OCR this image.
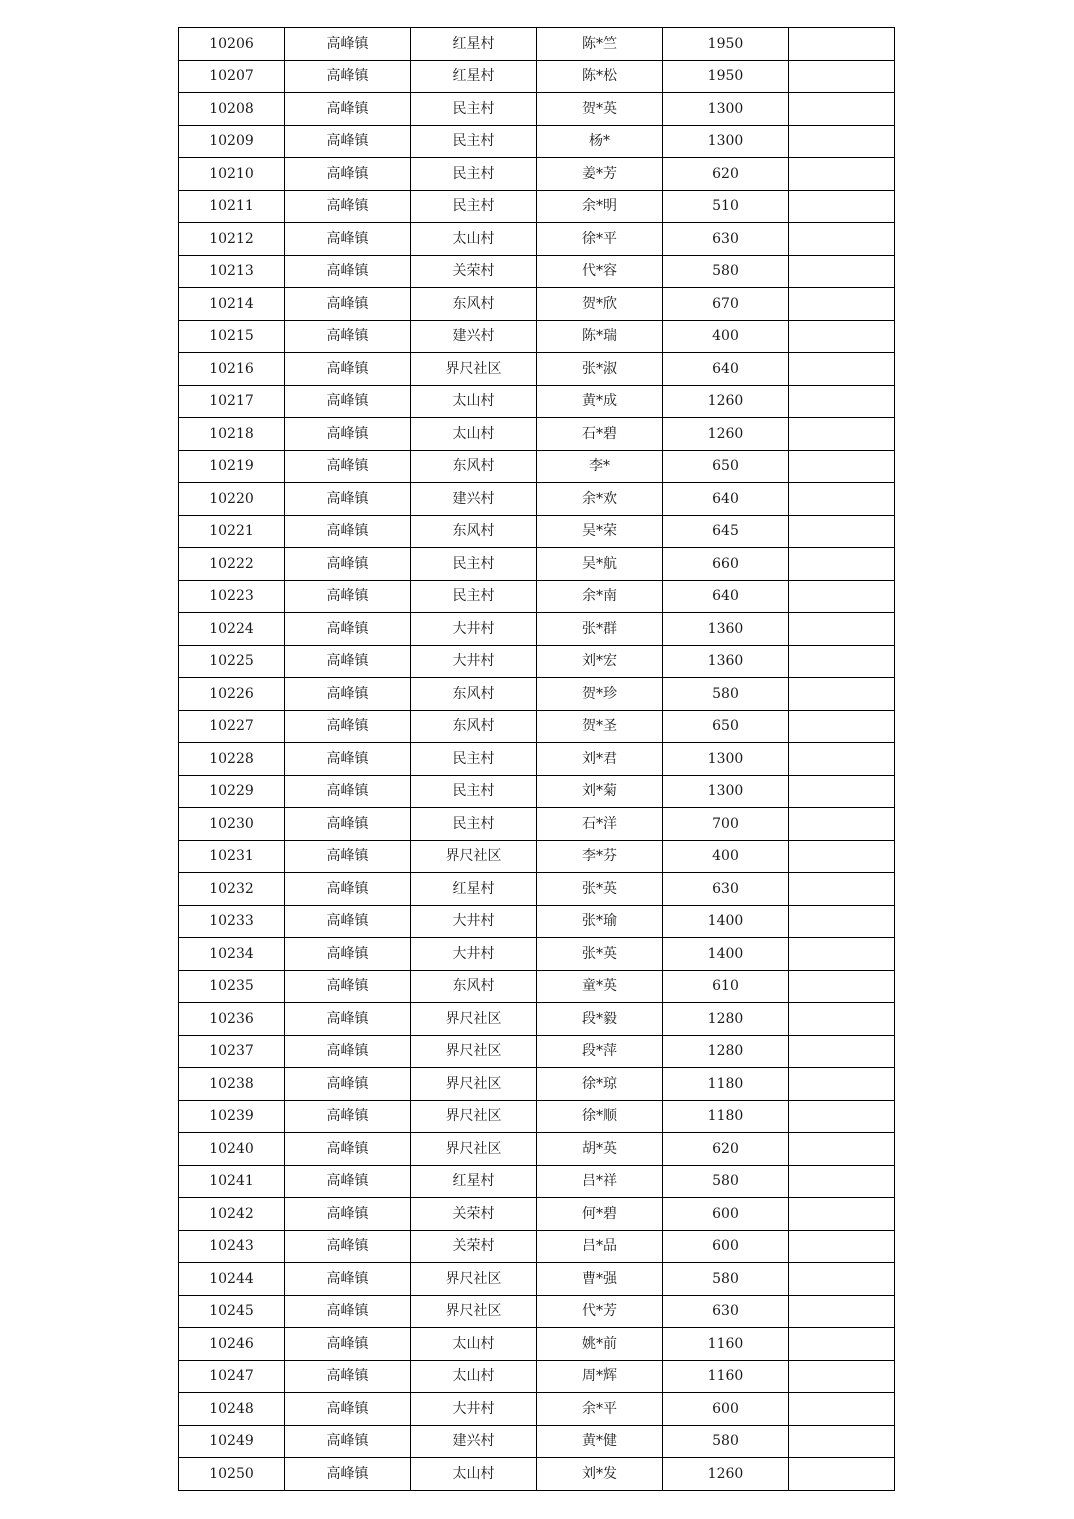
10206	高峰镇	红星村	陈*竺	1950	
10207	高峰镇	红星村	陈*松	1950	
10208	高峰镇	民主村	贺*英	1300	
10209	高峰镇	民主村	杨*	1300	
10210	高峰镇	民主村	姜*芳	620	
10211	高峰镇	民主村	余*明	510	
10212	高峰镇	太山村	徐*平	630	
10213	高峰镇	关荣村	代*容	580	
10214	高峰镇	东风村	贺*欣	670	
10215	高峰镇	建兴村	陈*瑞	400	
10216	高峰镇	界尺社区	张*淑	640	
10217	高峰镇	太山村	黄*成	1260	
10218	高峰镇	太山村	石*碧	1260	
10219	高峰镇	东风村	李*	650	
10220	高峰镇	建兴村	余*欢	640	
10221	高峰镇	东风村	吴*荣	645	
10222	高峰镇	民主村	吴*航	660	
10223	高峰镇	民主村	余*南	640	
10224	高峰镇	大井村	张*群	1360	
10225	高峰镇	大井村	刘*宏	1360	
10226	高峰镇	东风村	贺*珍	580	
10227	高峰镇	东风村	贺*圣	650	
10228	高峰镇	民主村	刘*君	1300	
10229	高峰镇	民主村	刘*菊	1300	
10230	高峰镇	民主村	石*洋	700	
10231	高峰镇	界尺社区	李*芬	400	
10232	高峰镇	红星村	张*英	630	
10233	高峰镇	大井村	张*瑜	1400	
10234	高峰镇	大井村	张*英	1400	
10235	高峰镇	东风村	童*英	610	
10236	高峰镇	界尺社区	段*毅	1280	
10237	高峰镇	界尺社区	段*萍	1280	
10238	高峰镇	界尺社区	徐*琼	1180	
10239	高峰镇	界尺社区	徐*顺	1180	
10240	高峰镇	界尺社区	胡*英	620	
10241	高峰镇	红星村	吕*祥	580	
10242	高峰镇	关荣村	何*碧	600	
10243	高峰镇	关荣村	吕*品	600	
10244	高峰镇	界尺社区	曹*强	580	
10245	高峰镇	界尺社区	代*芳	630	
10246	高峰镇	太山村	姚*前	1160	
10247	高峰镇	太山村	周*辉	1160	
10248	高峰镇	大井村	余*平	600	
10249	高峰镇	建兴村	黄*健	580	
10250	高峰镇	太山村	刘*发	1260	
